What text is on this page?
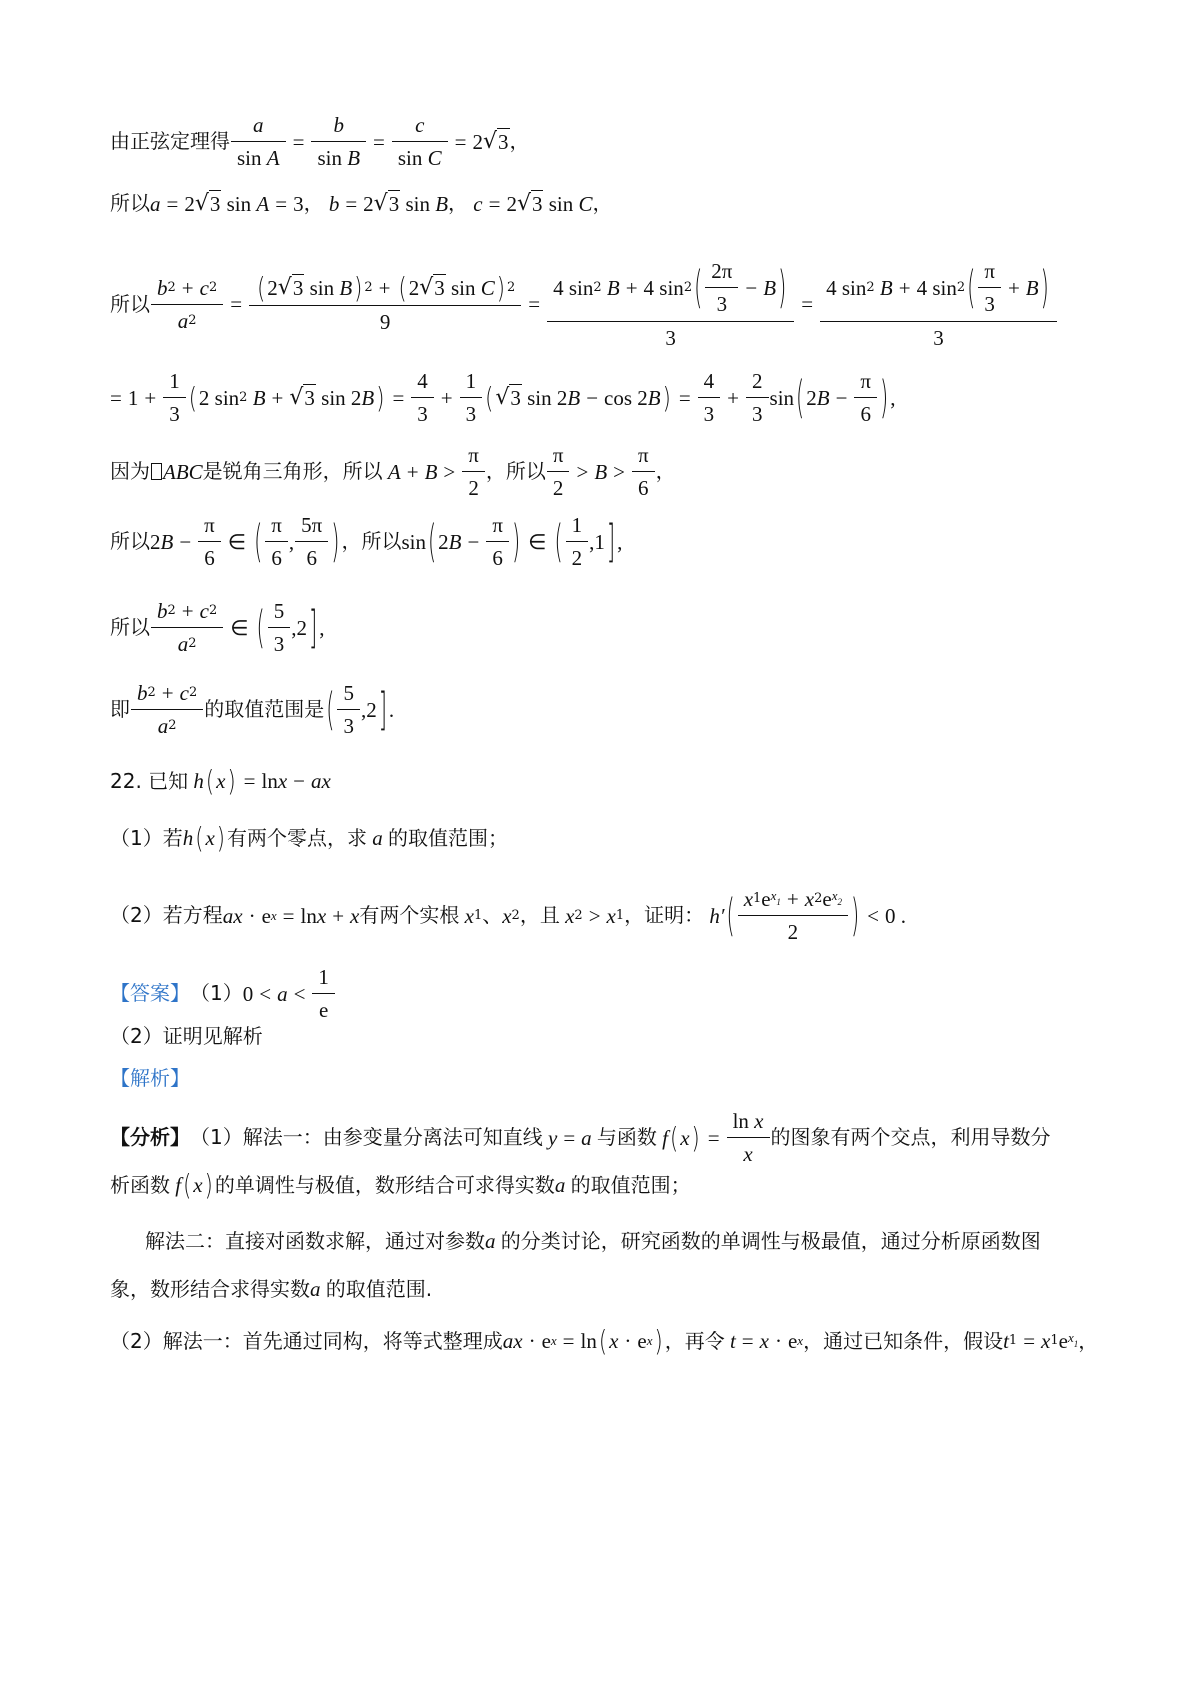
由正弦定理得 $\frac{a}{\text{sin A}} = \frac{b}{\text{sin B}} = \frac{c}{\text{sin C}} = 2$ √ 3 ，
所以 a = 2 √ 3 sin A = 3 ， b = 2 √ 3 sin B ， c = 2 √ 3 sin C ，
所以 $\frac{b 2 + c 2}{a 2} = \frac{\text{( 2 √ 3 sin B ) 2 + ( 2 √ 3 sin C ) 2}}{9} = \frac{4 \sin 2 B + 4 \sin 2 ( \frac{2\pi}{3} - B )}{3} = \frac{4 \sin 2 B + 4 \sin 2 ( \frac{\pi}{3} + B )}{3}$
= $1 + \frac{1}{3}$ ( 2 sin 2 B + √ 3 sin 2 B ) = $\frac{4}{3} + \frac{1}{3}$ ( √ 3 sin 2 B − cos 2 B ) = $\frac{4}{3} + \frac{2}{3}$ sin ( 2 $B - \frac{\pi}{6}$ ) ,
因为 ABC 是锐角三角形，所以 $A + B > \frac{\pi}{2}$ ，所以 $\frac{\pi}{2} > B > \frac{\pi}{6}$ ，
所以 2 $B - \frac{\pi}{6}$ ∈ ( $\frac{\pi}{6}$ , $\frac{5\pi}{6}$ ) ，所以 sin ( 2 $B - \frac{\pi}{6}$ ) ∈ ( $\frac{1}{2} ,1$ ] ,
所以 $\frac{b 2 + c 2}{a 2}$ ∈ ( $\frac{5}{3} ,2$ ] ,
即 $\frac{b 2 + c 2}{a 2}$ 的取值范围是 ( $\frac{5}{3} ,2$ ] .
22. 已知 h ( x ) = ln x − ax
（1）若 h ( x ) 有两个零点，求 a 的取值范围；
（2）若方程 ax · e x = ln x + x 有两个实根 x 1 、 x 2 ，且 x 2 > x 1 ，证明： h′ ( $\frac{x 1 e x_1 + x 2 e x_2}{2}$ ) < 0 .
【答案】 （1） $0 < a < \frac{1}{e}$
（2）证明见解析
【解析】
【分析】 （1）解法一：由参变量分离法可知直线 y = a 与函数 f ( x ) = $\frac{\text{ln x}}{x}$ 的图象有两个交点，利用导数分
析函数 f ( x ) 的单调性与极值，数形结合可求得实数 a 的取值范围；
解法二：直接对函数求解，通过对参数 a 的分类讨论，研究函数的单调性与极最值，通过分析原函数图
象，数形结合求得实数 a 的取值范围.
（2）解法一：首先通过同构，将等式整理成 ax · e x = ln ( x · e x ) ，再令 t = x · e x ，通过已知条件，假设 t 1 = x 1 e $x_1$ ，
